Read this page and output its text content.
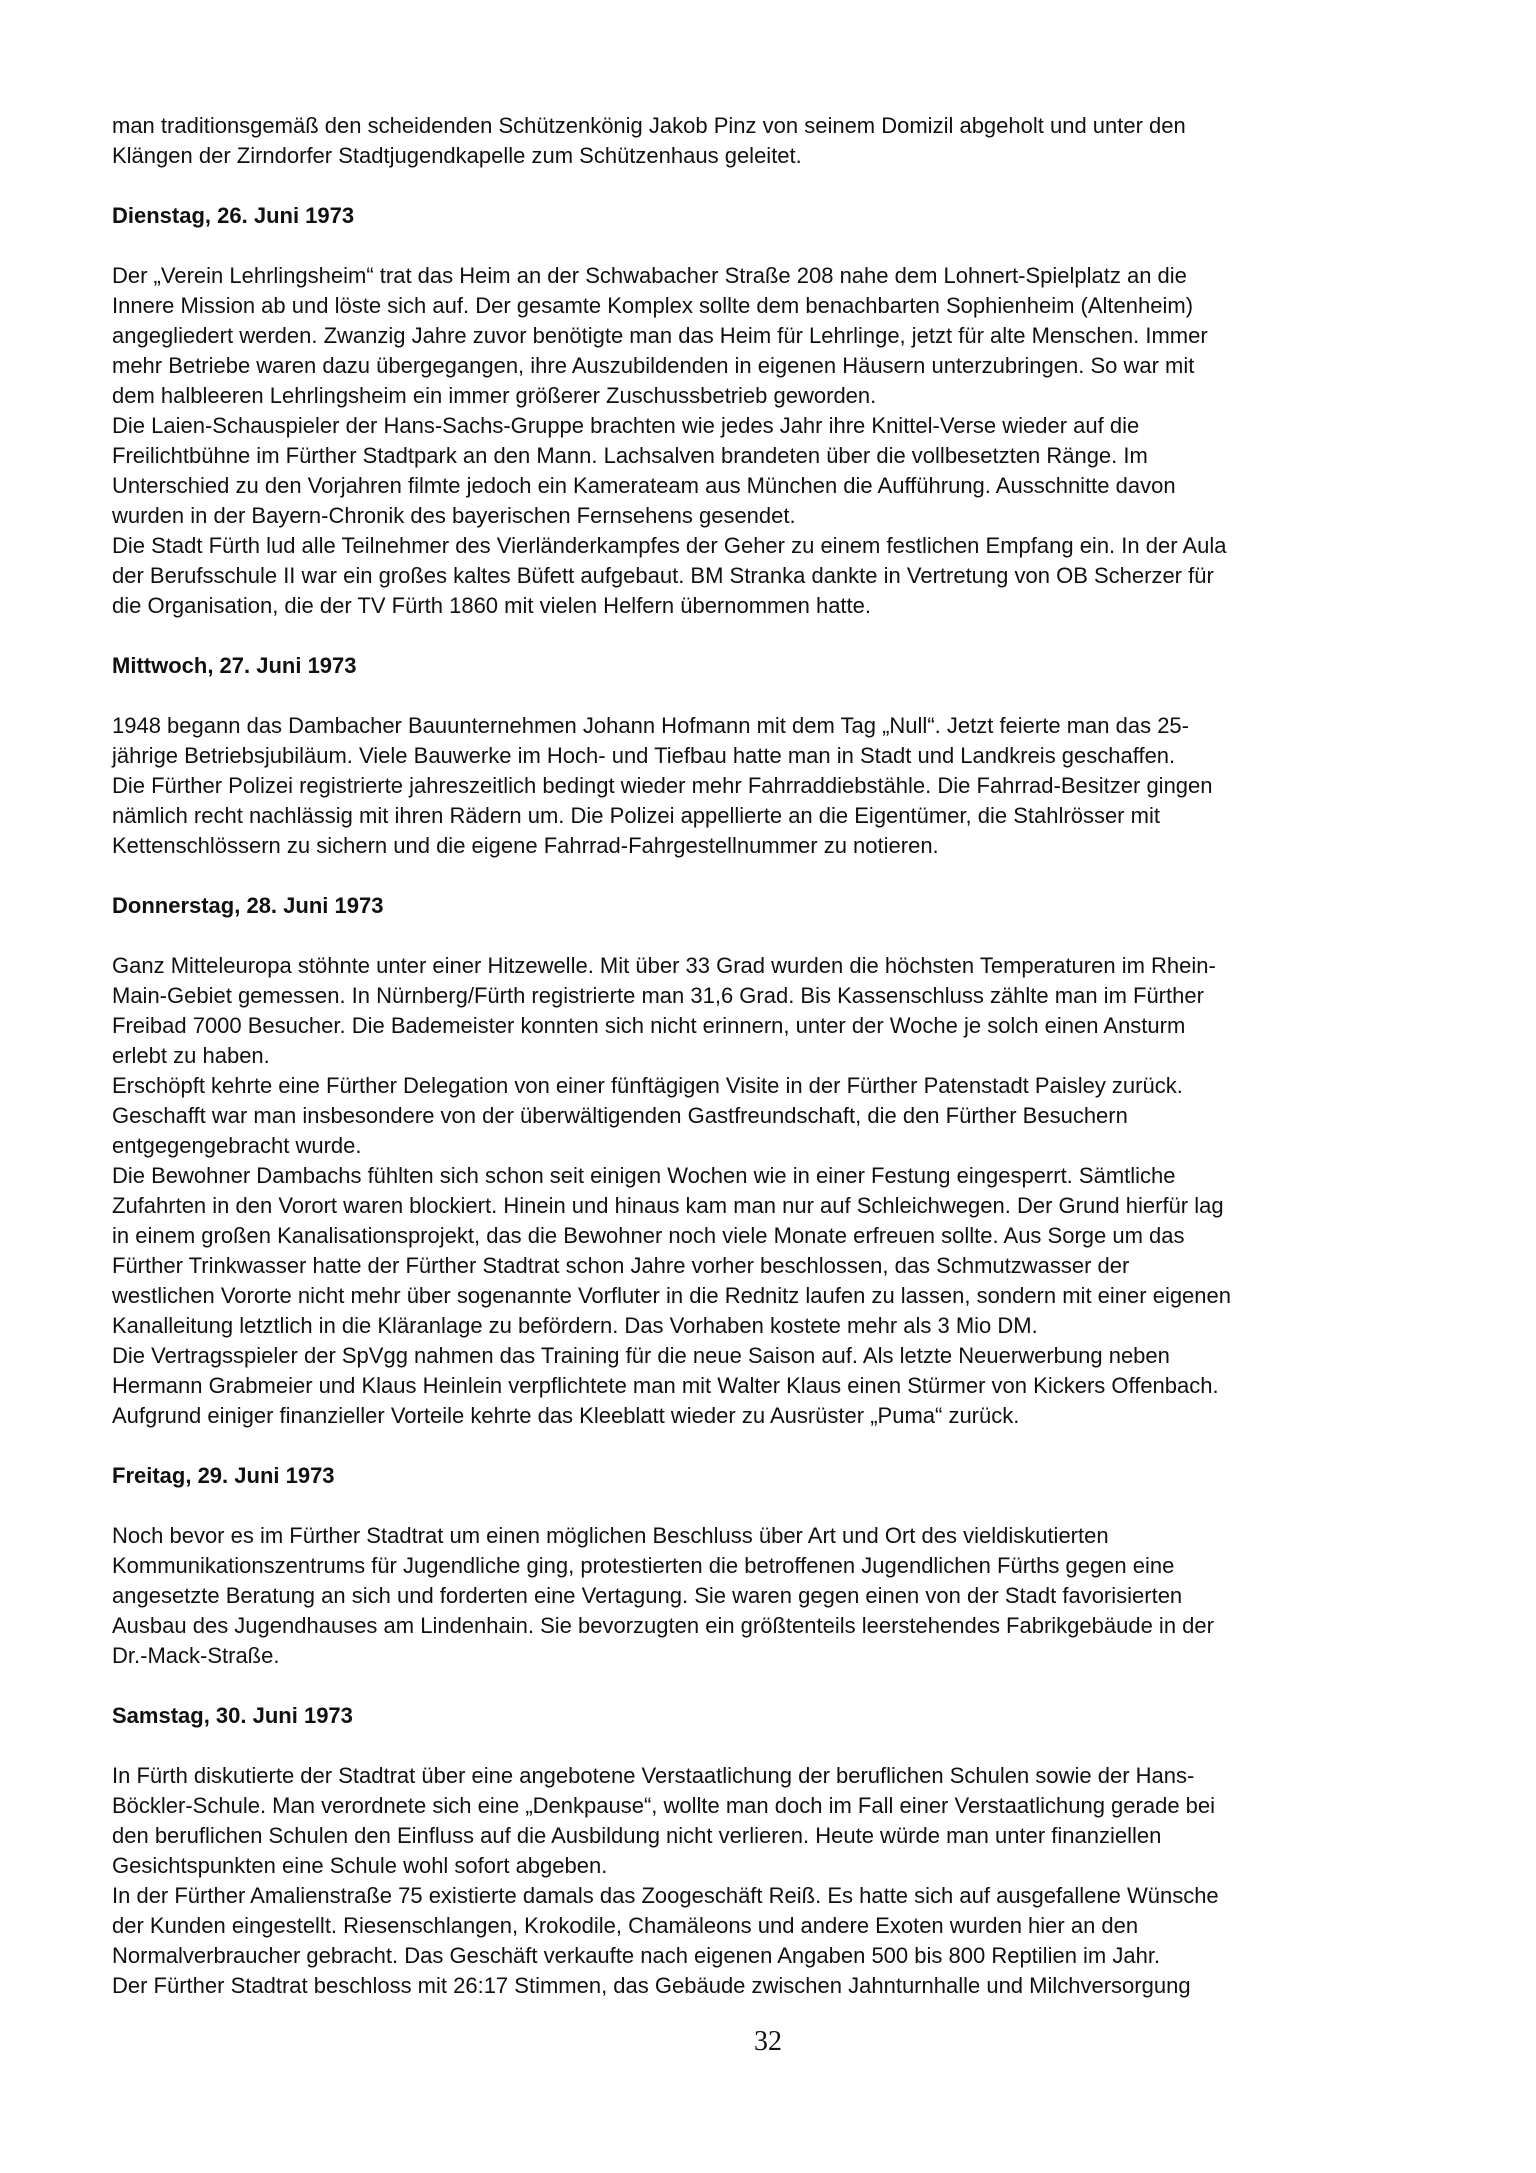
man traditionsgemäß den scheidenden Schützenkönig Jakob Pinz von seinem Domizil abgeholt und unter den
Klängen der Zirndorfer Stadtjugendkapelle zum Schützenhaus geleitet.
Dienstag, 26. Juni 1973
Der „Verein Lehrlingsheim“ trat das Heim an der Schwabacher Straße 208 nahe dem Lohnert-Spielplatz an die
Innere Mission ab und löste sich auf. Der gesamte Komplex sollte dem benachbarten Sophienheim (Altenheim)
angegliedert werden. Zwanzig Jahre zuvor benötigte man das Heim für Lehrlinge, jetzt für alte Menschen. Immer
mehr Betriebe waren dazu übergegangen, ihre Auszubildenden in eigenen Häusern unterzubringen. So war mit
dem halbleeren Lehrlingsheim ein immer größerer Zuschussbetrieb geworden.
Die Laien-Schauspieler der Hans-Sachs-Gruppe brachten wie jedes Jahr ihre Knittel-Verse wieder auf die
Freilichtbühne im Fürther Stadtpark an den Mann. Lachsalven brandeten über die vollbesetzten Ränge. Im
Unterschied zu den Vorjahren filmte jedoch ein Kamerateam aus München die Aufführung. Ausschnitte davon
wurden in der Bayern-Chronik des bayerischen Fernsehens gesendet.
Die Stadt Fürth lud alle Teilnehmer des Vierländerkampfes der Geher zu einem festlichen Empfang ein. In der Aula
der Berufsschule II war ein großes kaltes Büfett aufgebaut. BM Stranka dankte in Vertretung von OB Scherzer für
die Organisation, die der TV Fürth 1860 mit vielen Helfern übernommen hatte.
Mittwoch, 27. Juni 1973
1948 begann das Dambacher Bauunternehmen Johann Hofmann mit dem Tag „Null“. Jetzt feierte man das 25-
jährige Betriebsjubiläum. Viele Bauwerke im Hoch- und Tiefbau hatte man in Stadt und Landkreis geschaffen.
Die Fürther Polizei registrierte jahreszeitlich bedingt wieder mehr Fahrraddiebstähle. Die Fahrrad-Besitzer gingen
nämlich recht nachlässig mit ihren Rädern um. Die Polizei appellierte an die Eigentümer, die Stahlrösser mit
Kettenschlössern zu sichern und die eigene Fahrrad-Fahrgestellnummer zu notieren.
Donnerstag, 28. Juni 1973
Ganz Mitteleuropa stöhnte unter einer Hitzewelle. Mit über 33 Grad wurden die höchsten Temperaturen im Rhein-
Main-Gebiet gemessen. In Nürnberg/Fürth registrierte man 31,6 Grad. Bis Kassenschluss zählte man im Fürther
Freibad 7000 Besucher. Die Bademeister konnten sich nicht erinnern, unter der Woche je solch einen Ansturm
erlebt zu haben.
Erschöpft kehrte eine Fürther Delegation von einer fünftägigen Visite in der Fürther Patenstadt Paisley zurück.
Geschafft war man insbesondere von der überwältigenden Gastfreundschaft, die den Fürther Besuchern
entgegengebracht wurde.
Die Bewohner Dambachs fühlten sich schon seit einigen Wochen wie in einer Festung eingesperrt. Sämtliche
Zufahrten in den Vorort waren blockiert. Hinein und hinaus kam man nur auf Schleichwegen. Der Grund hierfür lag
in einem großen Kanalisationsprojekt, das die Bewohner noch viele Monate erfreuen sollte. Aus Sorge um das
Fürther Trinkwasser hatte der Fürther Stadtrat schon Jahre vorher beschlossen, das Schmutzwasser der
westlichen Vororte nicht mehr über sogenannte Vorfluter in die Rednitz laufen zu lassen, sondern mit einer eigenen
Kanalleitung letztlich in die Kläranlage zu befördern. Das Vorhaben kostete mehr als 3 Mio DM.
Die Vertragsspieler der SpVgg nahmen das Training für die neue Saison auf. Als letzte Neuerwerbung neben
Hermann Grabmeier und Klaus Heinlein verpflichtete man mit Walter Klaus einen Stürmer von Kickers Offenbach.
Aufgrund einiger finanzieller Vorteile kehrte das Kleeblatt wieder zu Ausrüster „Puma“ zurück.
Freitag, 29. Juni 1973
Noch bevor es im Fürther Stadtrat um einen möglichen Beschluss über Art und Ort des vieldiskutierten
Kommunikationszentrums für Jugendliche ging, protestierten die betroffenen Jugendlichen Fürths gegen eine
angesetzte Beratung an sich und forderten eine Vertagung. Sie waren gegen einen von der Stadt favorisierten
Ausbau des Jugendhauses am Lindenhain. Sie bevorzugten ein größtenteils leerstehendes Fabrikgebäude in der
Dr.-Mack-Straße.
Samstag, 30. Juni 1973
In Fürth diskutierte der Stadtrat über eine angebotene Verstaatlichung der beruflichen Schulen sowie der Hans-
Böckler-Schule. Man verordnete sich eine „Denkpause“, wollte man doch im Fall einer Verstaatlichung gerade bei
den beruflichen Schulen den Einfluss auf die Ausbildung nicht verlieren. Heute würde man unter finanziellen
Gesichtspunkten eine Schule wohl sofort abgeben.
In der Fürther Amalienstraße 75 existierte damals das Zoogeschäft Reiß. Es hatte sich auf ausgefallene Wünsche
der Kunden eingestellt. Riesenschlangen, Krokodile, Chamäleons und andere Exoten wurden hier an den
Normalverbraucher gebracht. Das Geschäft verkaufte nach eigenen Angaben 500 bis 800 Reptilien im Jahr.
Der Fürther Stadtrat beschloss mit 26:17 Stimmen, das Gebäude zwischen Jahnturnhalle und Milchversorgung
32
